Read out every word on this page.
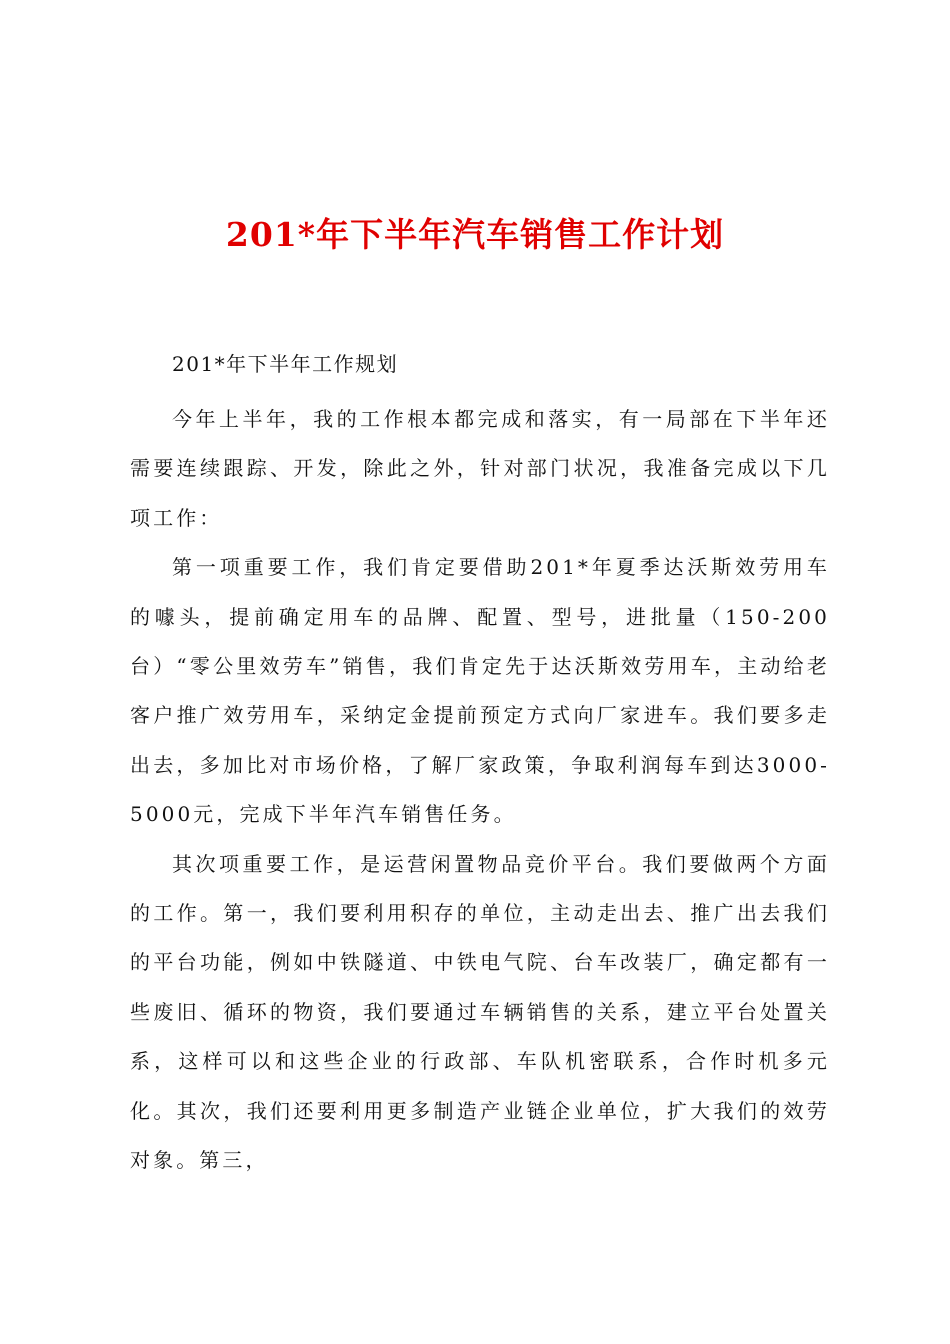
201*年下半年汽车销售工作计划

201*年下半年工作规划

今年上半年，我的工作根本都完成和落实，有一局部在下半年还需要连续跟踪、开发，除此之外，针对部门状况，我准备完成以下几项工作：

第一项重要工作，我们肯定要借助201*年夏季达沃斯效劳用车的噱头，提前确定用车的品牌、配置、型号，进批量（150-200台）“零公里效劳车”销售，我们肯定先于达沃斯效劳用车，主动给老客户推广效劳用车，采纳定金提前预定方式向厂家进车。我们要多走出去，多加比对市场价格，了解厂家政策，争取利润每车到达3000-5000元，完成下半年汽车销售任务。

其次项重要工作，是运营闲置物品竞价平台。我们要做两个方面的工作。第一，我们要利用积存的单位，主动走出去、推广出去我们的平台功能，例如中铁隧道、中铁电气院、台车改装厂，确定都有一些废旧、循环的物资，我们要通过车辆销售的关系，建立平台处置关系，这样可以和这些企业的行政部、车队机密联系，合作时机多元化。其次，我们还要利用更多制造产业链企业单位，扩大我们的效劳对象。第三，
